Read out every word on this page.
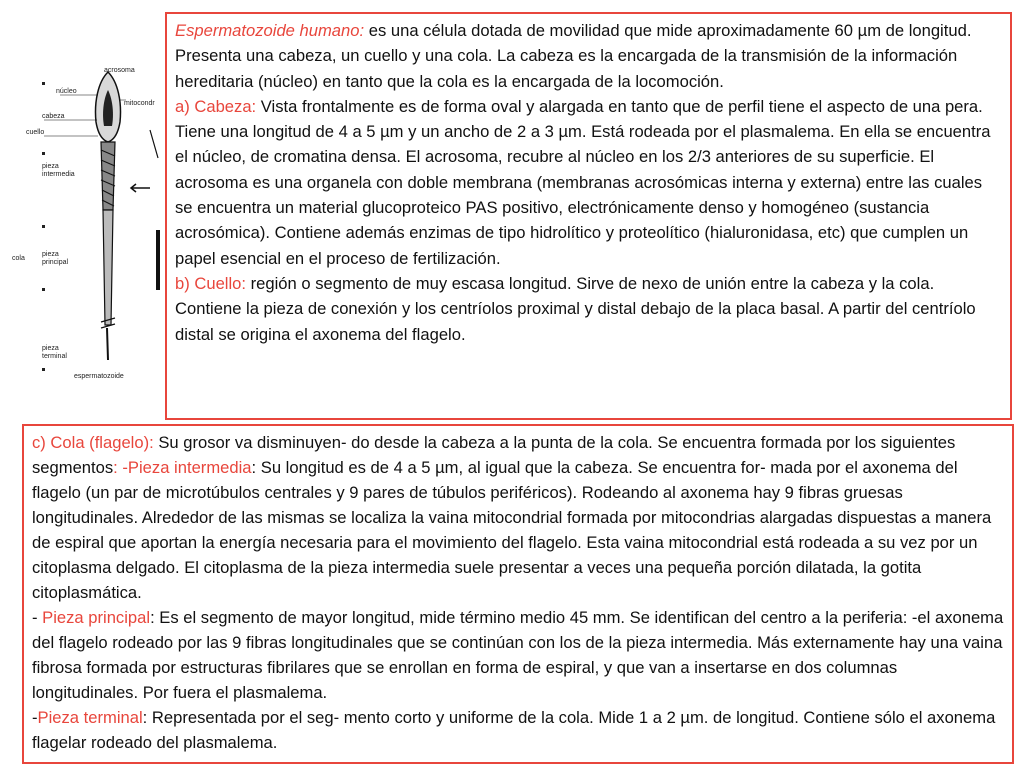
acrosoma
núcleo
cabeza
mitocondr
cuello
pieza
intermedia
cola
pieza
principal
pieza
terminal
espermatozoide

Espermatozoide humano: es una célula dotada de movilidad que mide aproximadamente 60 µm de longitud. Presenta una cabeza, un cuello y una cola. La cabeza es la encargada de la transmisión de la información hereditaria (núcleo) en tanto que la cola es la encargada de la locomoción.

a) Cabeza: Vista frontalmente es de forma oval y alargada en tanto que de perfil tiene el aspecto de una pera. Tiene una longitud de 4 a 5 µm y un ancho de 2 a 3 µm. Está rodeada por el plasmalema. En ella se encuentra el núcleo, de cromatina densa. El acrosoma, recubre al núcleo en los 2/3 anteriores de su superficie. El acrosoma es una organela con doble membrana (membranas acrosómicas interna y externa) entre las cuales se encuentra un material glucoproteico PAS positivo, electrónicamente denso y homogéneo (sustancia acrosómica). Contiene además enzimas de tipo hidrolítico y proteolítico (hialuronidasa, etc) que cumplen un papel esencial en el proceso de fertilización.

b) Cuello: región o segmento de muy escasa longitud. Sirve de nexo de unión entre la cabeza y la cola. Contiene la pieza de conexión y los centríolos proximal y distal debajo de la placa basal. A partir del centríolo distal se origina el axonema del flagelo.

c) Cola (flagelo): Su grosor va disminuyen- do desde la cabeza a la punta de la cola. Se encuentra formada por los siguientes segmentos: -Pieza intermedia: Su longitud es de 4 a 5 µm, al igual que la cabeza. Se encuentra for- mada por el axonema del flagelo (un par de microtúbulos centrales y 9 pares de túbulos periféricos). Rodeando al axonema hay 9 fibras gruesas longitudinales. Alrededor de las mismas se localiza la vaina mitocondrial formada por mitocondrias alargadas dispuestas a manera de espiral que aportan la energía necesaria para el movimiento del flagelo. Esta vaina mitocondrial está rodeada a su vez por un citoplasma delgado. El citoplasma de la pieza intermedia suele presentar a veces una pequeña porción dilatada, la gotita citoplasmática.

- Pieza principal: Es el segmento de mayor longitud, mide término medio 45 mm. Se identifican del centro a la periferia: -el axonema del flagelo rodeado por las 9 fibras longitudinales que se continúan con los de la pieza intermedia. Más externamente hay una vaina fibrosa formada por estructuras fibrilares que se enrollan en forma de espiral, y que van a insertarse en dos columnas longitudinales. Por fuera el plasmalema.

-Pieza terminal: Representada por el seg- mento corto y uniforme de la cola. Mide 1 a 2 µm. de longitud. Contiene sólo el axonema flagelar rodeado del plasmalema.
